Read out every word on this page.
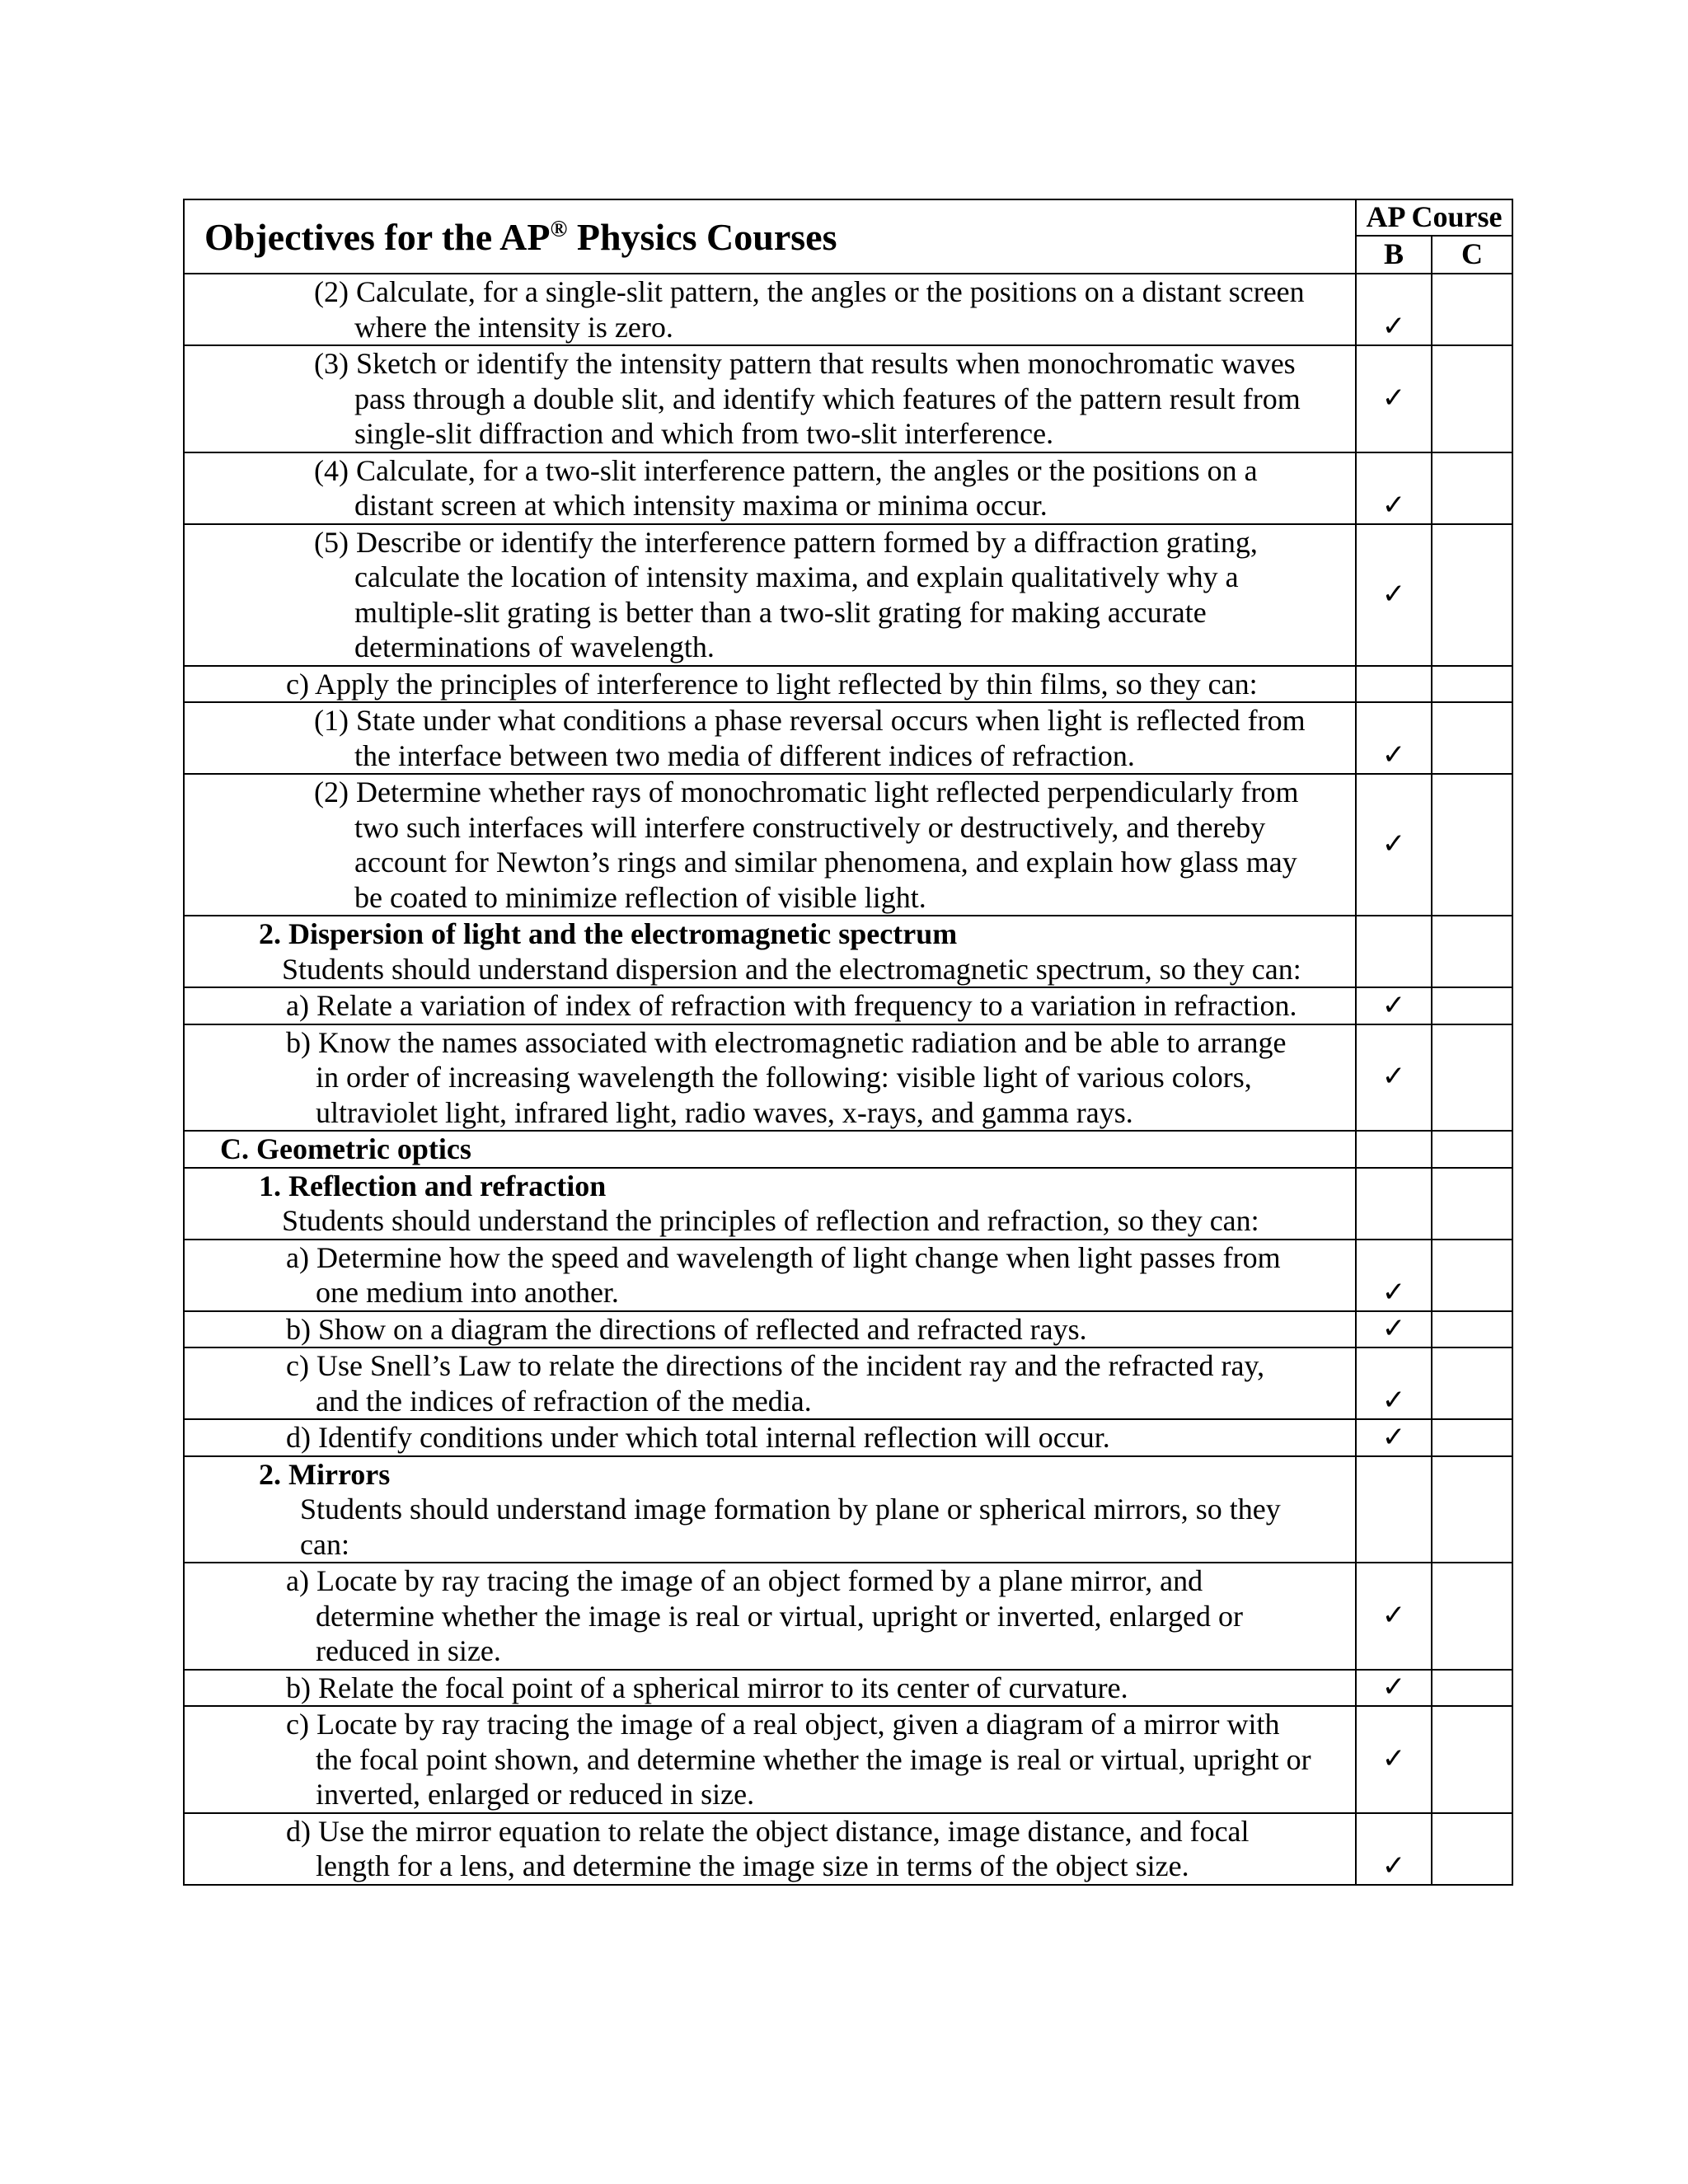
Objectives for the AP® Physics Courses	AP Course	
	B	C

(2) Calculate, for a single-slit pattern, the angles or the positions on a distant screen
where the intensity is zero.	✓	

(3) Sketch or identify the intensity pattern that results when monochromatic waves
pass through a double slit, and identify which features of the pattern result from
single-slit diffraction and which from two-slit interference.	✓	

(4) Calculate, for a two-slit interference pattern, the angles or the positions on a
distant screen at which intensity maxima or minima occur.	✓	

(5) Describe or identify the interference pattern formed by a diffraction grating,
calculate the location of intensity maxima, and explain qualitatively why a
multiple-slit grating is better than a two-slit grating for making accurate
determinations of wavelength.	✓	

c) Apply the principles of interference to light reflected by thin films, so they can:		

(1) State under what conditions a phase reversal occurs when light is reflected from
the interface between two media of different indices of refraction.	✓	

(2) Determine whether rays of monochromatic light reflected perpendicularly from
two such interfaces will interfere constructively or destructively, and thereby
account for Newton’s rings and similar phenomena, and explain how glass may
be coated to minimize reflection of visible light.	✓	

2. Dispersion of light and the electromagnetic spectrum
Students should understand dispersion and the electromagnetic spectrum, so they can:		

a) Relate a variation of index of refraction with frequency to a variation in refraction.	✓	

b) Know the names associated with electromagnetic radiation and be able to arrange
in order of increasing wavelength the following: visible light of various colors,
ultraviolet light, infrared light, radio waves, x-rays, and gamma rays.	✓	

C. Geometric optics		

1. Reflection and refraction
Students should understand the principles of reflection and refraction, so they can:		

a) Determine how the speed and wavelength of light change when light passes from
one medium into another.	✓	

b) Show on a diagram the directions of reflected and refracted rays.	✓	

c) Use Snell’s Law to relate the directions of the incident ray and the refracted ray,
and the indices of refraction of the media.	✓	

d) Identify conditions under which total internal reflection will occur.	✓	

2. Mirrors
Students should understand image formation by plane or spherical mirrors, so they
can:		

a) Locate by ray tracing the image of an object formed by a plane mirror, and
determine whether the image is real or virtual, upright or inverted, enlarged or
reduced in size.	✓	

b) Relate the focal point of a spherical mirror to its center of curvature.	✓	

c) Locate by ray tracing the image of a real object, given a diagram of a mirror with
the focal point shown, and determine whether the image is real or virtual, upright or
inverted, enlarged or reduced in size.	✓	

d) Use the mirror equation to relate the object distance, image distance, and focal
length for a lens, and determine the image size in terms of the object size.	✓	
